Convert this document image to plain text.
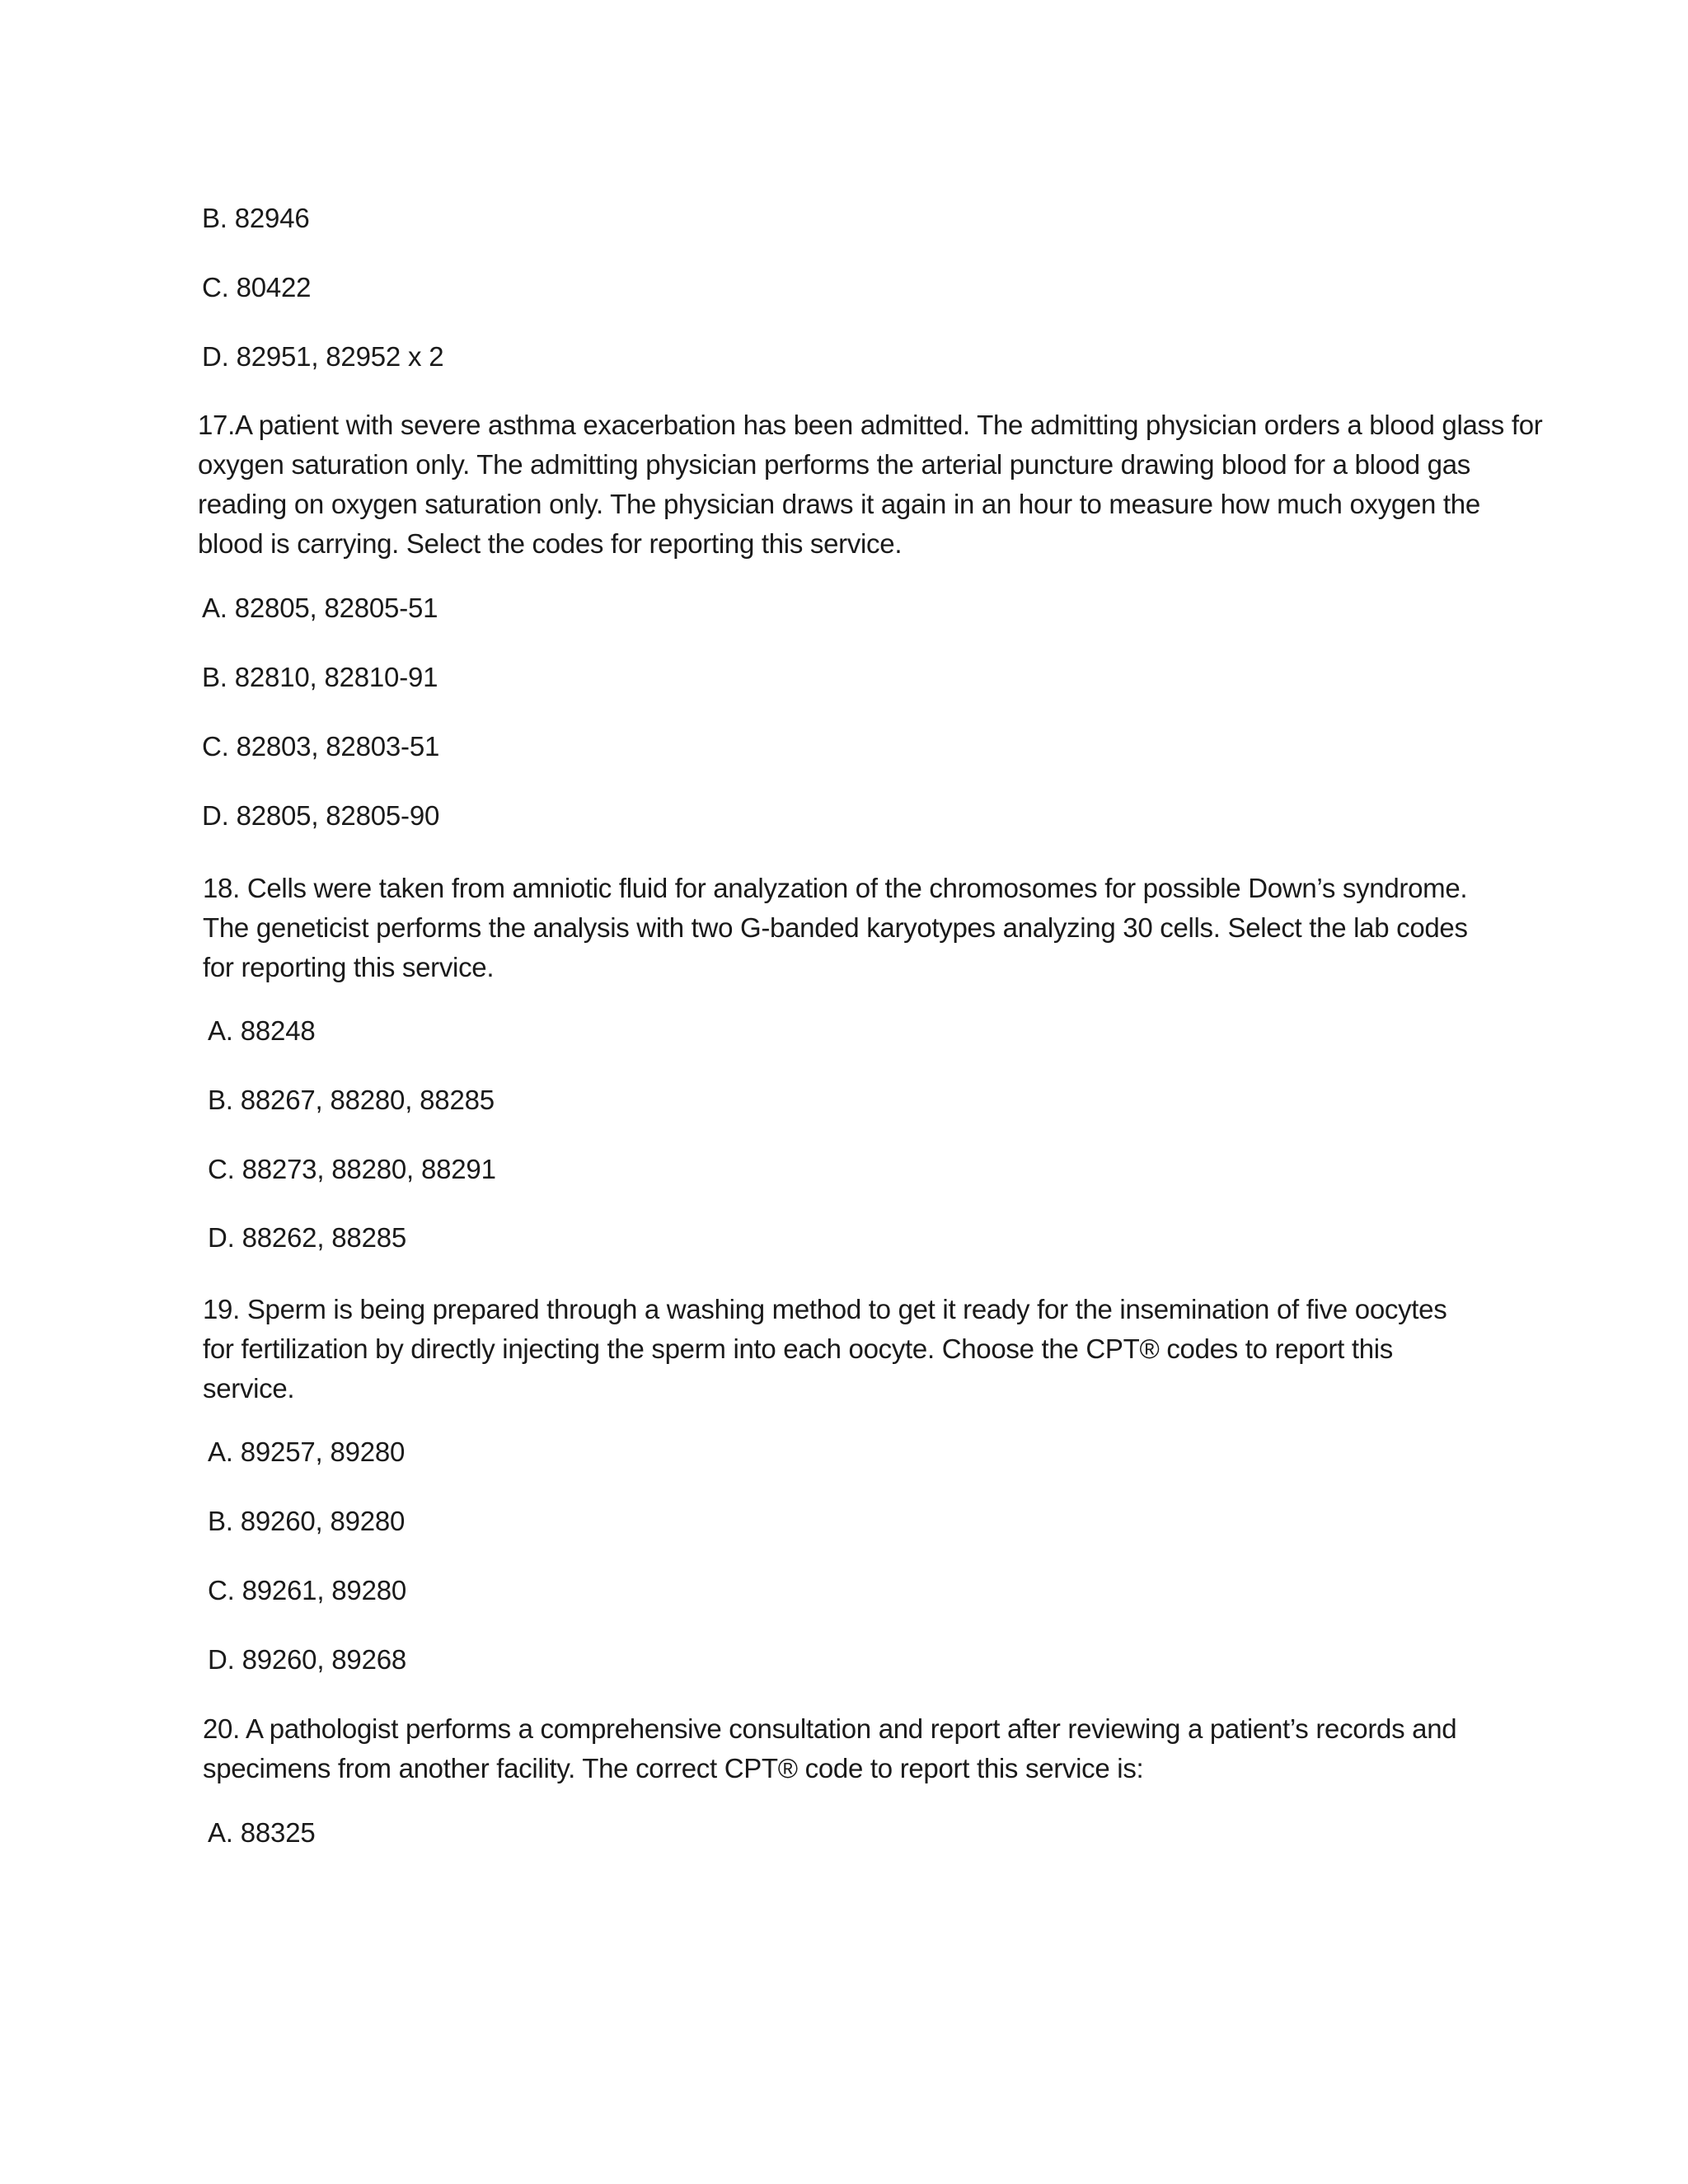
B. 82946
C. 80422
D. 82951, 82952 x 2
17.A patient with severe asthma exacerbation has been admitted. The admitting physician orders a blood glass for oxygen saturation only. The admitting physician performs the arterial puncture drawing blood for a blood gas reading on oxygen saturation only. The physician draws it again in an hour to measure how much oxygen the blood is carrying. Select the codes for reporting this service.
A. 82805, 82805-51
B. 82810, 82810-91
C. 82803, 82803-51
D. 82805, 82805-90
18. Cells were taken from amniotic fluid for analyzation of the chromosomes for possible Down’s syndrome. The geneticist performs the analysis with two G-banded karyotypes analyzing 30 cells. Select the lab codes for reporting this service.
A. 88248
B. 88267, 88280, 88285
C. 88273, 88280, 88291
D. 88262, 88285
19. Sperm is being prepared through a washing method to get it ready for the insemination of five oocytes for fertilization by directly injecting the sperm into each oocyte. Choose the CPT® codes to report this service.
A. 89257, 89280
B. 89260, 89280
C. 89261, 89280
D. 89260, 89268
20. A pathologist performs a comprehensive consultation and report after reviewing a patient’s records and specimens from another facility. The correct CPT® code to report this service is:
A. 88325
